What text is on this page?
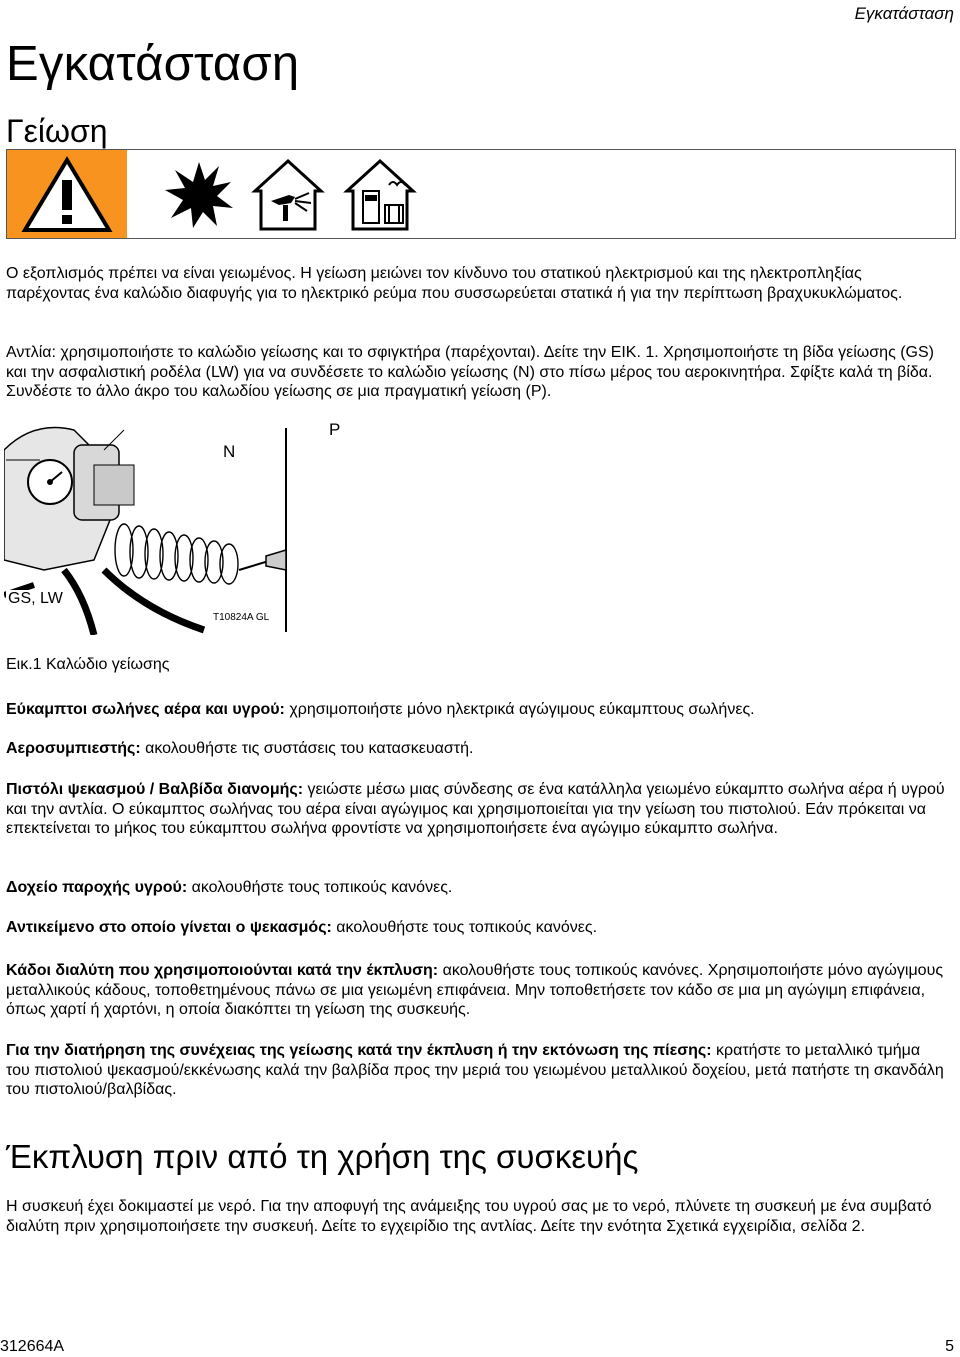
Εγκατάσταση
Εγκατάσταση
Γείωση

Ο εξοπλισμός πρέπει να είναι γειωμένος. Η γείωση μειώνει τον κίνδυνο του στατικού ηλεκτρισμού και της ηλεκτροπληξίας παρέχοντας ένα καλώδιο διαφυγής για το ηλεκτρικό ρεύμα που συσσωρεύεται στατικά ή για την περίπτωση βραχυκυκλώματος.

Αντλία: χρησιμοποιήστε το καλώδιο γείωσης και το σφιγκτήρα (παρέχονται). Δείτε την ΕΙΚ. 1. Χρησιμοποιήστε τη βίδα γείωσης (GS) και την ασφαλιστική ροδέλα (LW) για να συνδέσετε το καλώδιο γείωσης (N) στο πίσω μέρος του αεροκινητήρα. Σφίξτε καλά τη βίδα. Συνδέστε το άλλο άκρο του καλωδίου γείωσης σε μια πραγματική γείωση (P).

N
P
GS, LW
T10824A GL
Εικ.1 Καλώδιο γείωσης

Εύκαμπτοι σωλήνες αέρα και υγρού: χρησιμοποιήστε μόνο ηλεκτρικά αγώγιμους εύκαμπτους σωλήνες.

Αεροσυμπιεστής: ακολουθήστε τις συστάσεις του κατασκευαστή.

Πιστόλι ψεκασμού / Βαλβίδα διανομής: γειώστε μέσω μιας σύνδεσης σε ένα κατάλληλα γειωμένο εύκαμπτο σωλήνα αέρα ή υγρού και την αντλία. Ο εύκαμπτος σωλήνας του αέρα είναι αγώγιμος και χρησιμοποιείται για την γείωση του πιστολιού. Εάν πρόκειται να επεκτείνεται το μήκος του εύκαμπτου σωλήνα φροντίστε να χρησιμοποιήσετε ένα αγώγιμο εύκαμπτο σωλήνα.

Δοχείο παροχής υγρού: ακολουθήστε τους τοπικούς κανόνες.

Αντικείμενο στο οποίο γίνεται ο ψεκασμός: ακολουθήστε τους τοπικούς κανόνες.

Κάδοι διαλύτη που χρησιμοποιούνται κατά την έκπλυση: ακολουθήστε τους τοπικούς κανόνες. Χρησιμοποιήστε μόνο αγώγιμους μεταλλικούς κάδους, τοποθετημένους πάνω σε μια γειωμένη επιφάνεια. Μην τοποθετήσετε τον κάδο σε μια μη αγώγιμη επιφάνεια, όπως χαρτί ή χαρτόνι, η οποία διακόπτει τη γείωση της συσκευής.

Για την διατήρηση της συνέχειας της γείωσης κατά την έκπλυση ή την εκτόνωση της πίεσης: κρατήστε το μεταλλικό τμήμα του πιστολιού ψεκασμού/εκκένωσης καλά την βαλβίδα προς την μεριά του γειωμένου μεταλλικού δοχείου, μετά πατήστε τη σκανδάλη του πιστολιού/βαλβίδας.

Έκπλυση πριν από τη χρήση της συσκευής

Η συσκευή έχει δοκιμαστεί με νερό. Για την αποφυγή της ανάμειξης του υγρού σας με το νερό, πλύνετε τη συσκευή με ένα συμβατό διαλύτη πριν χρησιμοποιήσετε την συσκευή. Δείτε το εγχειρίδιο της αντλίας. Δείτε την ενότητα Σχετικά εγχειρίδια, σελίδα 2.

312664A	5
